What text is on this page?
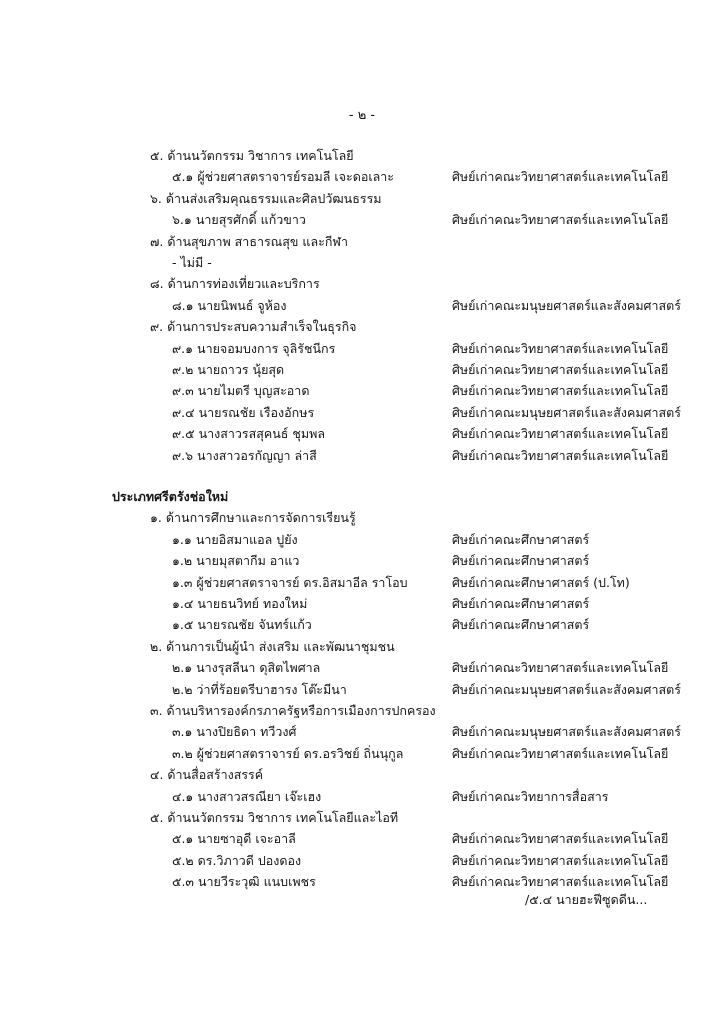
- ๒ -
๕. ด้านนวัตกรรม วิชาการ เทคโนโลยี
๕.๑ ผู้ช่วยศาสตราจารย์รอมลี เจะดอเลาะ	ศิษย์เก่าคณะวิทยาศาสตร์และเทคโนโลยี
๖. ด้านส่งเสริมคุณธรรมและศิลปวัฒนธรรม
๖.๑ นายสุรศักดิ์ แก้วขาว	ศิษย์เก่าคณะวิทยาศาสตร์และเทคโนโลยี
๗. ด้านสุขภาพ สาธารณสุข และกีฬา
- ไม่มี -
๘. ด้านการท่องเที่ยวและบริการ
๘.๑ นายนิพนธ์ จูห้อง	ศิษย์เก่าคณะมนุษยศาสตร์และสังคมศาสตร์
๙. ด้านการประสบความสำเร็จในธุรกิจ
๙.๑ นายจอมบงการ จุลิรัชนีกร	ศิษย์เก่าคณะวิทยาศาสตร์และเทคโนโลยี
๙.๒ นายถาวร นุ้ยสุด	ศิษย์เก่าคณะวิทยาศาสตร์และเทคโนโลยี
๙.๓ นายไมตรี บุญสะอาด	ศิษย์เก่าคณะวิทยาศาสตร์และเทคโนโลยี
๙.๔ นายรณชัย เรืองอักษร	ศิษย์เก่าคณะมนุษยศาสตร์และสังคมศาสตร์
๙.๕ นางสาวรสสุคนธ์ ชุมพล	ศิษย์เก่าคณะวิทยาศาสตร์และเทคโนโลยี
๙.๖ นางสาวอรกัญญา ล่าสี	ศิษย์เก่าคณะวิทยาศาสตร์และเทคโนโลยี
ประเภทศรีตรังช่อใหม่
๑. ด้านการศึกษาและการจัดการเรียนรู้
๑.๑ นายอิสมาแอล ปูยัง	ศิษย์เก่าคณะศึกษาศาสตร์
๑.๒ นายมุสตากีม อาแว	ศิษย์เก่าคณะศึกษาศาสตร์
๑.๓ ผู้ช่วยศาสตราจารย์ ดร.อิสมาอีล ราโอบ	ศิษย์เก่าคณะศึกษาศาสตร์ (ป.โท)
๑.๔ นายธนวิทย์ ทองใหม่	ศิษย์เก่าคณะศึกษาศาสตร์
๑.๕ นายรณชัย จันทร์แก้ว	ศิษย์เก่าคณะศึกษาศาสตร์
๒. ด้านการเป็นผู้นำ ส่งเสริม และพัฒนาชุมชน
๒.๑ นางรุสลีนา ดุสิตไพศาล	ศิษย์เก่าคณะวิทยาศาสตร์และเทคโนโลยี
๒.๒ ว่าที่ร้อยตรีบาฮารง โต๊ะมีนา	ศิษย์เก่าคณะมนุษยศาสตร์และสังคมศาสตร์
๓. ด้านบริหารองค์กรภาครัฐหรือการเมืองการปกครอง
๓.๑ นางปิยธิดา ทวีวงศ์	ศิษย์เก่าคณะมนุษยศาสตร์และสังคมศาสตร์
๓.๒ ผู้ช่วยศาสตราจารย์ ดร.อรวิชย์ ถิ่นนุกูล	ศิษย์เก่าคณะวิทยาศาสตร์และเทคโนโลยี
๔. ด้านสื่อสร้างสรรค์
๔.๑ นางสาวสรณียา เจ๊ะเฮง	ศิษย์เก่าคณะวิทยาการสื่อสาร
๕. ด้านนวัตกรรม วิชาการ เทคโนโลยีและไอที
๕.๑ นายซาอุดี เจะอาลี	ศิษย์เก่าคณะวิทยาศาสตร์และเทคโนโลยี
๕.๒ ดร.วิภาวดี ปองดอง	ศิษย์เก่าคณะวิทยาศาสตร์และเทคโนโลยี
๕.๓ นายวีระวุฒิ แนบเพชร	ศิษย์เก่าคณะวิทยาศาสตร์และเทคโนโลยี
/๕.๔ นายฮะฟีซูดดีน...
